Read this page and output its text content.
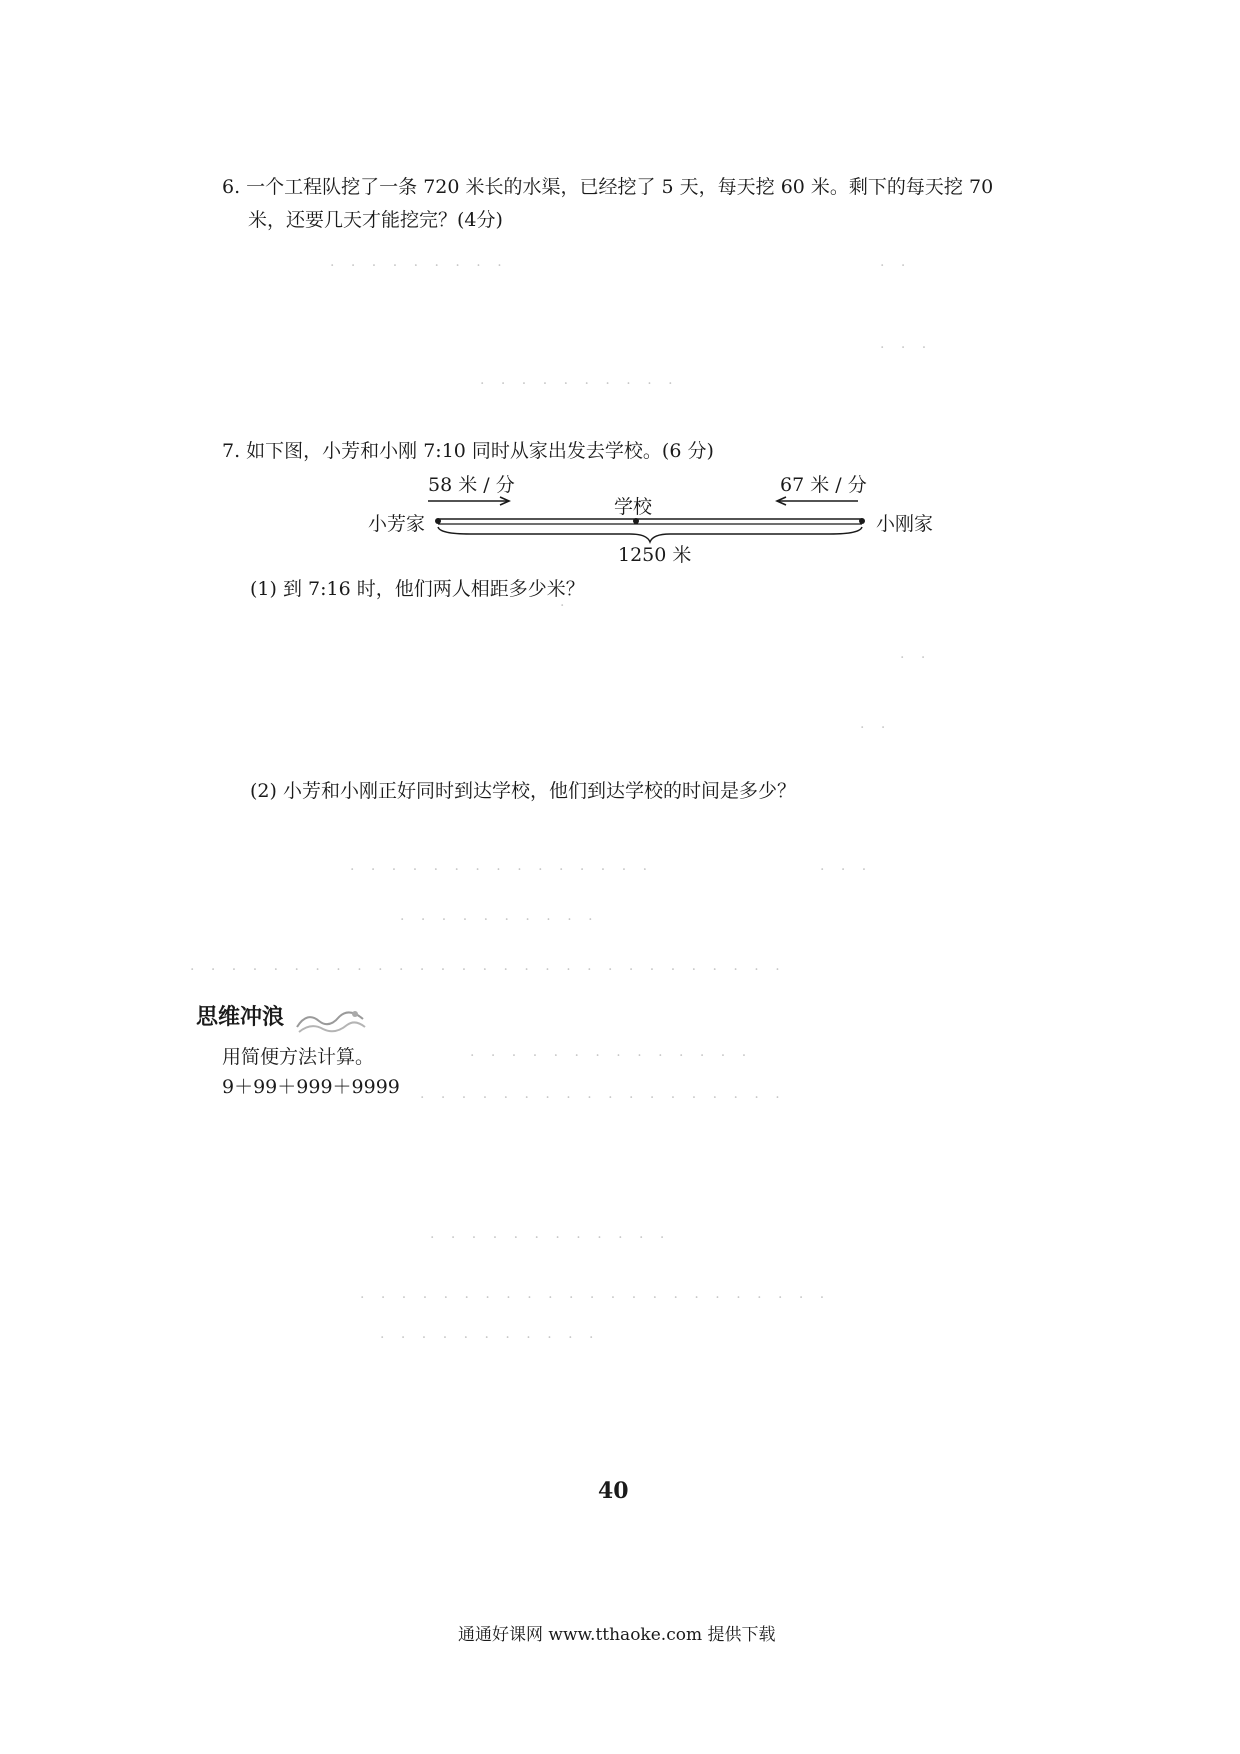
· · · · · · · · ·	· ·
· · ·
· · · · · · · · · ·
·
· ·
· ·
· · · · · · · · · · · · · · ·	· · ·
· · · · · · · · · ·
· · · · · · · · · · · · · · · · · · · · · · · · · · · · ·
· · · · · · · · · · · · · ·
· · · · · · · · · · · · · · · · · ·
· · · · · · · · · · · ·
· · · · · · · · · · · · · · · · · · · · · · ·
· · · · · · · · · · ·
6. 一个工程队挖了一条 720 米长的水渠，已经挖了 5 天，每天挖 60 米。剩下的每天挖 70
米，还要几天才能挖完？(4分)
7. 如下图，小芳和小刚 7:10 同时从家出发去学校。(6 分)
58 米 / 分	67 米 / 分
学校
小芳家	小刚家
1250 米
(1) 到 7:16 时，他们两人相距多少米？
(2) 小芳和小刚正好同时到达学校，他们到达学校的时间是多少？
思维冲浪
用简便方法计算。
9＋99＋999＋9999
40
通通好课网 www.tthaoke.com 提供下载
